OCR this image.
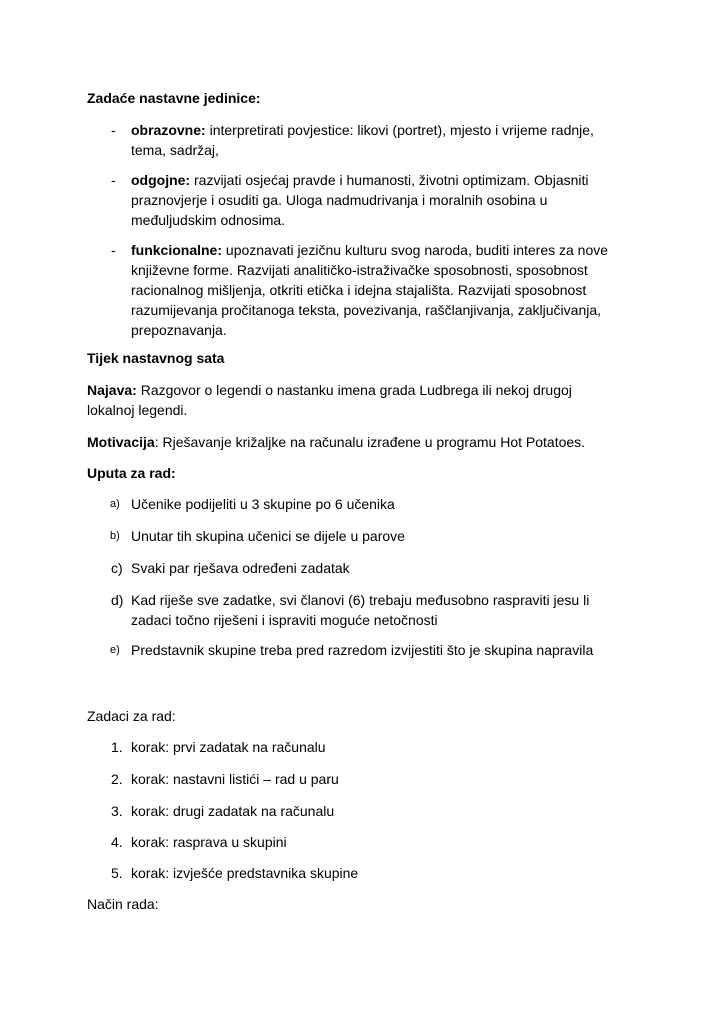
Zadaće nastavne jedinice:

- obrazovne: interpretirati povjestice: likovi (portret), mjesto i vrijeme radnje,
tema, sadržaj,
- odgojne: razvijati osjećaj pravde i humanosti, životni optimizam. Objasniti
praznovjerje i osuditi ga. Uloga nadmudrivanja i moralnih osobina u
međuljudskim odnosima.
- funkcionalne: upoznavati jezičnu kulturu svog naroda, buditi interes za nove
književne forme. Razvijati analitičko-istraživačke sposobnosti, sposobnost
racionalnog mišljenja, otkriti etička i idejna stajališta. Razvijati sposobnost
razumijevanja pročitanoga teksta, povezivanja, raščlanjivanja, zaključivanja,
prepoznavanja.

Tijek nastavnog sata

Najava: Razgovor o legendi o nastanku imena grada Ludbrega ili nekoj drugoj
lokalnoj legendi.

Motivacija: Rješavanje križaljke na računalu izrađene u programu Hot Potatoes.

Uputa za rad:

a) Učenike podijeliti u 3 skupine po 6 učenika
b) Unutar tih skupina učenici se dijele u parove
c) Svaki par rješava određeni zadatak
d) Kad riješe sve zadatke, svi članovi (6) trebaju međusobno raspraviti jesu li
zadaci točno riješeni i ispraviti moguće netočnosti
e) Predstavnik skupine treba pred razredom izvijestiti što je skupina napravila

Zadaci za rad:

1. korak: prvi zadatak na računalu
2. korak: nastavni listići – rad u paru
3. korak: drugi zadatak na računalu
4. korak: rasprava u skupini
5. korak: izvješće predstavnika skupine

Način rada:
